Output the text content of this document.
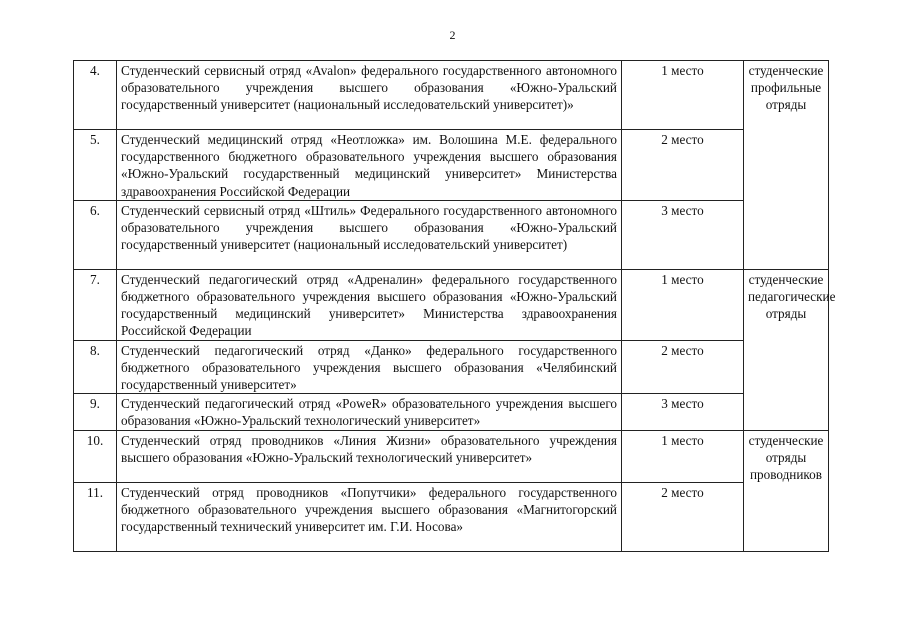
2
4.	Студенческий сервисный отряд «Avalon» федерального государственного автономного образовательного учреждения высшего образования «Южно-Уральский государственный университет (национальный исследовательский университет)»	1 место	студенческие профильные отряды
5.	Студенческий медицинский отряд «Неотложка» им. Волошина М.Е. федерального государственного бюджетного образовательного учреждения высшего образования «Южно-Уральский государственный медицинский университет» Министерства здравоохранения Российской Федерации	2 место	
6.	Студенческий сервисный отряд «Штиль» Федерального государственного автономного образовательного учреждения высшего образования «Южно-Уральский государственный университет (национальный исследовательский университет)	3 место	
7.	Студенческий педагогический отряд «Адреналин» федерального государственного бюджетного образовательного учреждения высшего образования «Южно-Уральский государственный медицинский университет» Министерства здравоохранения Российской Федерации	1 место	студенческие педагогические отряды
8.	Студенческий педагогический отряд «Данко» федерального государственного бюджетного образовательного учреждения высшего образования «Челябинский государственный университет»	2 место	
9.	Студенческий педагогический отряд «PoweR» образовательного учреждения высшего образования «Южно-Уральский технологический университет»	3 место	
10.	Студенческий отряд проводников «Линия Жизни» образовательного учреждения высшего образования «Южно-Уральский технологический университет»	1 место	студенческие отряды проводников
11.	Студенческий отряд проводников «Попутчики» федерального государственного бюджетного образовательного учреждения высшего образования «Магнитогорский государственный технический университет им. Г.И. Носова»	2 место	
